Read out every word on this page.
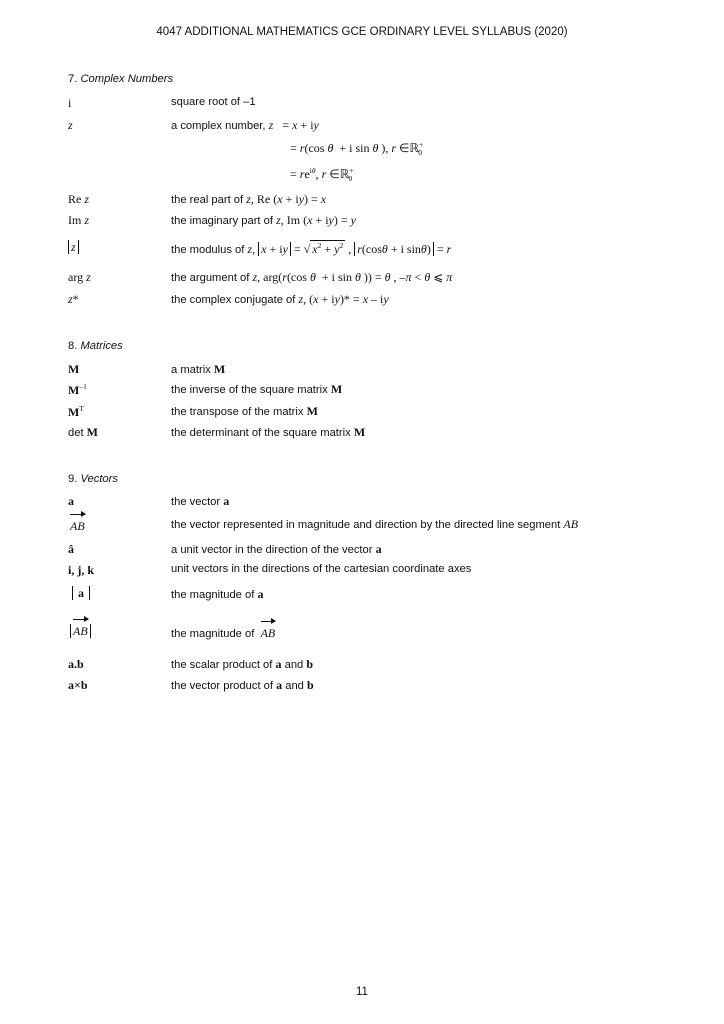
4047 ADDITIONAL MATHEMATICS GCE ORDINARY LEVEL SYLLABUS (2020)
7. Complex Numbers
i	square root of –1
z	a complex number, z   = x + iy
= r(cos θ  + i sin θ ), r ∈ℝ+$_0$
= $re^{i\theta}$, r ∈ℝ+$_0$
Re z	the real part of z, Re (x + iy) = x
Im z	the imaginary part of z, Im (x + iy) = y
z	the modulus of z, x + iy = √ $x^2 + y^2$ , r(cosθ + i sinθ) = r
arg z	the argument of z, arg(r(cos θ  + i sin θ )) = θ , –π < θ ⩽ π
z*	the complex conjugate of z, (x + iy)* = x – iy
8. Matrices
M	a matrix M
$M^{-1}$	the inverse of the square matrix M
$M^T$	the transpose of the matrix M
det M	the determinant of the square matrix M
9. Vectors
a	the vector a
AB	the vector represented in magnitude and direction by the directed line segment AB
â	a unit vector in the direction of the vector a
i, j, k	unit vectors in the directions of the cartesian coordinate axes
a	the magnitude of a
AB	the magnitude of AB
a.b	the scalar product of a and b
a×b	the vector product of a and b
11
